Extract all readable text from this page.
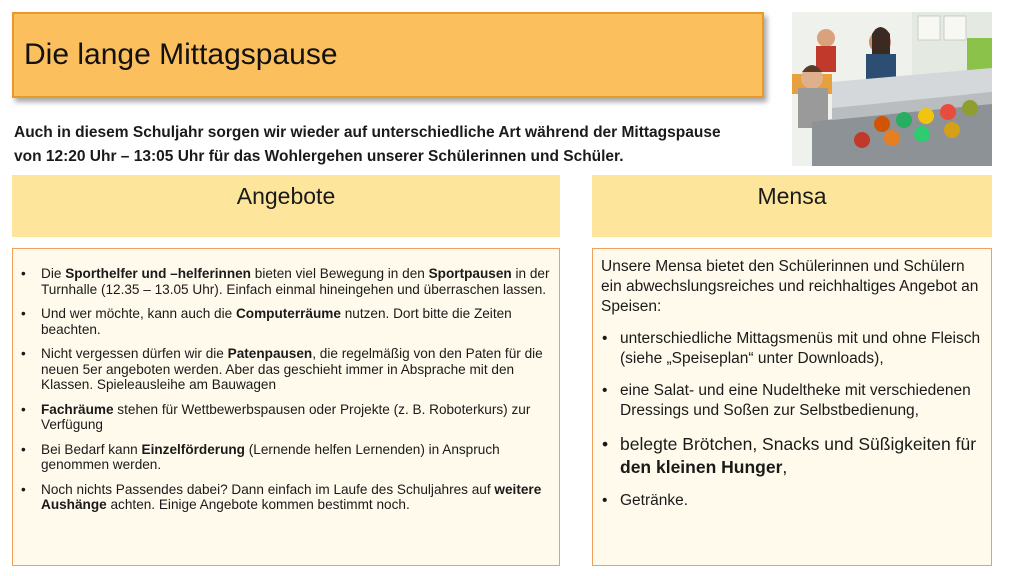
Die lange Mittagspause
Auch in diesem Schuljahr sorgen wir wieder auf unterschiedliche Art während der Mittagspause
von 12:20 Uhr – 13:05 Uhr für das Wohlergehen unserer Schülerinnen und Schüler.
Angebote	Mensa
• Die Sporthelfer und –helferinnen bieten viel Bewegung in den Sportpausen in der Turnhalle (12.35 – 13.05 Uhr). Einfach einmal hineingehen und überraschen lassen.
• Und wer möchte, kann auch die Computerräume nutzen. Dort bitte die Zeiten beachten.
• Nicht vergessen dürfen wir die Patenpausen, die regelmäßig von den Paten für die neuen 5er angeboten werden. Aber das geschieht immer in Absprache mit den Klassen. Spieleausleihe am Bauwagen
• Fachräume stehen für Wettbewerbspausen oder Projekte (z. B. Roboterkurs) zur Verfügung
• Bei Bedarf kann Einzelförderung (Lernende helfen Lernenden) in Anspruch genommen werden.
• Noch nichts Passendes dabei? Dann einfach im Laufe des Schuljahres auf weitere Aushänge achten. Einige Angebote kommen bestimmt noch.
Unsere Mensa bietet den Schülerinnen und Schülern ein abwechslungsreiches und reichhaltiges Angebot an Speisen:
• unterschiedliche Mittagsmenüs mit und ohne Fleisch (siehe „Speiseplan“ unter Downloads),
• eine Salat- und eine Nudeltheke mit verschiedenen Dressings und Soßen zur Selbstbedienung,
• belegte Brötchen, Snacks und Süßigkeiten für den kleinen Hunger,
• Getränke.
